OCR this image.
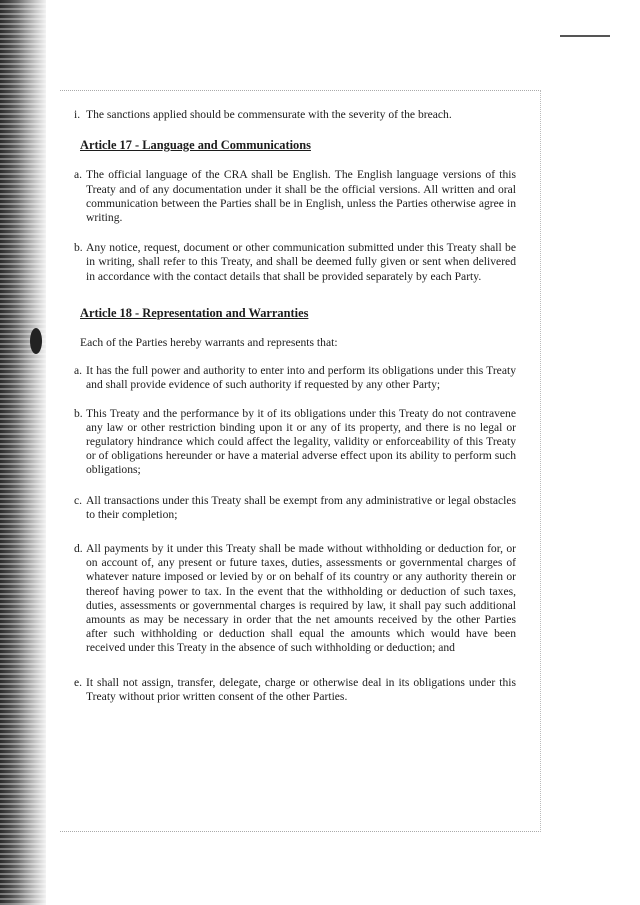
i. The sanctions applied should be commensurate with the severity of the breach.

Article 17 - Language and Communications

a. The official language of the CRA shall be English. The English language versions of this Treaty and of any documentation under it shall be the official versions. All written and oral communication between the Parties shall be in English, unless the Parties otherwise agree in writing.

b. Any notice, request, document or other communication submitted under this Treaty shall be in writing, shall refer to this Treaty, and shall be deemed fully given or sent when delivered in accordance with the contact details that shall be provided separately by each Party.

Article 18 - Representation and Warranties

Each of the Parties hereby warrants and represents that:

a. It has the full power and authority to enter into and perform its obligations under this Treaty and shall provide evidence of such authority if requested by any other Party;

b. This Treaty and the performance by it of its obligations under this Treaty do not contravene any law or other restriction binding upon it or any of its property, and there is no legal or regulatory hindrance which could affect the legality, validity or enforceability of this Treaty or of obligations hereunder or have a material adverse effect upon its ability to perform such obligations;

c. All transactions under this Treaty shall be exempt from any administrative or legal obstacles to their completion;

d. All payments by it under this Treaty shall be made without withholding or deduction for, or on account of, any present or future taxes, duties, assessments or governmental charges of whatever nature imposed or levied by or on behalf of its country or any authority therein or thereof having power to tax. In the event that the withholding or deduction of such taxes, duties, assessments or governmental charges is required by law, it shall pay such additional amounts as may be necessary in order that the net amounts received by the other Parties after such withholding or deduction shall equal the amounts which would have been received under this Treaty in the absence of such withholding or deduction; and

e. It shall not assign, transfer, delegate, charge or otherwise deal in its obligations under this Treaty without prior written consent of the other Parties.
